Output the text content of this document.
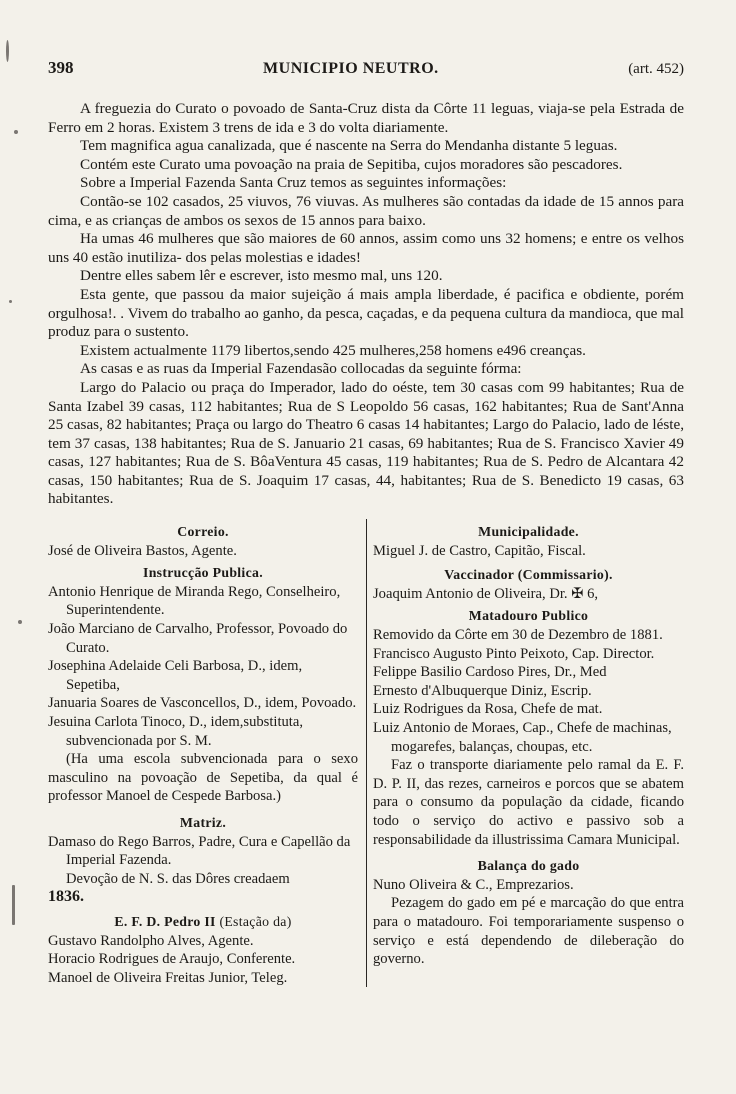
398	MUNICIPIO NEUTRO.	(art. 452)

A freguezia do Curato o povoado de Santa-Cruz dista da Côrte 11 leguas, viaja-se pela Estrada de Ferro em 2 horas. Existem 3 trens de ida e 3 do volta diariamente.

Tem magnifica agua canalizada, que é nascente na Serra do Mendanha distante 5 leguas.

Contém este Curato uma povoação na praia de Sepitiba, cujos moradores são pescadores.

Sobre a Imperial Fazenda Santa Cruz temos as seguintes informações:

Contão-se 102 casados, 25 viuvos, 76 viuvas. As mulheres são contadas da idade de 15 annos para cima, e as crianças de ambos os sexos de 15 annos para baixo.

Ha umas 46 mulheres que são maiores de 60 annos, assim como uns 32 homens; e entre os velhos uns 40 estão inutiliza- dos pelas molestias e idades!

Dentre elles sabem lêr e escrever, isto mesmo mal, uns 120.

Esta gente, que passou da maior sujeição á mais ampla liberdade, é pacifica e obdiente, porém orgulhosa!. . Vivem do trabalho ao ganho, da pesca, caçadas, e da pequena cultura da mandioca, que mal produz para o sustento.

Existem actualmente 1179 libertos,sendo 425 mulheres,258 homens e496 creanças.

As casas e as ruas da Imperial Fazendasão collocadas da seguinte fórma:

Largo do Palacio ou praça do Imperador, lado do oéste, tem 30 casas com 99 habitantes; Rua de Santa Izabel 39 casas, 112 habitantes; Rua de S Leopoldo 56 casas, 162 habitantes; Rua de Sant'Anna 25 casas, 82 habitantes; Praça ou largo do Theatro 6 casas 14 habitantes; Largo do Palacio, lado de léste, tem 37 casas, 138 habitantes; Rua de S. Januario 21 casas, 69 habitantes; Rua de S. Francisco Xavier 49 casas, 127 habitantes; Rua de S. BôaVentura 45 casas, 119 habitantes; Rua de S. Pedro de Alcantara 42 casas, 150 habitantes; Rua de S. Joaquim 17 casas, 44, habitantes; Rua de S. Benedicto 19 casas, 63 habitantes.

Correio.

José de Oliveira Bastos, Agente.

Instrucção Publica.

Antonio Henrique de Miranda Rego, Conselheiro, Superintendente.

João Marciano de Carvalho, Professor, Povoado do Curato.

Josephina Adelaide Celi Barbosa, D., idem, Sepetiba,

Januaria Soares de Vasconcellos, D., idem, Povoado.

Jesuina Carlota Tinoco, D., idem,substituta, subvencionada por S. M.

(Ha uma escola subvencionada para o sexo masculino na povoação de Sepetiba, da qual é professor Manoel de Cespede Barbosa.)

Matriz.

Damaso do Rego Barros, Padre, Cura e Capellão da Imperial Fazenda.

Devoção de N. S. das Dôres creadaem

1836.

E. F. D. Pedro II (Estação da)

Gustavo Randolpho Alves, Agente.

Horacio Rodrigues de Araujo, Conferente.

Manoel de Oliveira Freitas Junior, Teleg.

Municipalidade.

Miguel J. de Castro, Capitão, Fiscal.

Vaccinador (Commissario).

Joaquim Antonio de Oliveira, Dr. ✠ 6,

Matadouro Publico

Removido da Côrte em 30 de Dezembro de 1881.

Francisco Augusto Pinto Peixoto, Cap. Director.

Felippe Basilio Cardoso Pires, Dr., Med

Ernesto d'Albuquerque Diniz, Escrip.

Luiz Rodrigues da Rosa, Chefe de mat.

Luiz Antonio de Moraes, Cap., Chefe de machinas, mogarefes, balanças, choupas, etc.

Faz o transporte diariamente pelo ramal da E. F. D. P. II, das rezes, carneiros e porcos que se abatem para o consumo da população da cidade, ficando todo o serviço do activo e passivo sob a responsabilidade da illustrissima Camara Municipal.

Balança do gado

Nuno Oliveira & C., Emprezarios.

Pezagem do gado em pé e marcação do que entra para o matadouro. Foi temporariamente suspenso o serviço e está dependendo de dileberação do governo.
